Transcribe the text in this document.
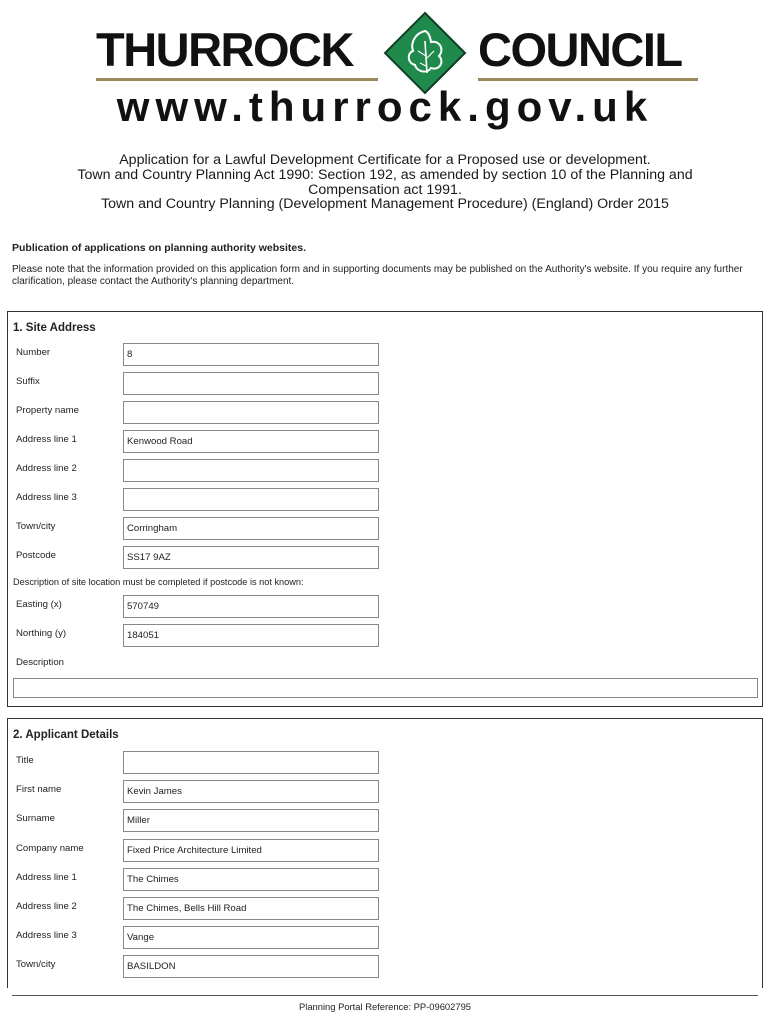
THURROCK	COUNCIL
www.thurrock.gov.uk
Application for a Lawful Development Certificate for a Proposed use or development.
Town and Country Planning Act 1990: Section 192, as amended by section 10 of the Planning and Compensation act 1991.
Town and Country Planning (Development Management Procedure) (England) Order 2015
Publication of applications on planning authority websites.
Please note that the information provided on this application form and in supporting documents may be published on the Authority's website. If you require any further clarification, please contact the Authority's planning department.
1. Site Address
Number	8
Suffix
Property name
Address line 1	Kenwood Road
Address line 2
Address line 3
Town/city	Corringham
Postcode	SS17 9AZ
Description of site location must be completed if postcode is not known:
Easting (x)	570749
Northing (y)	184051
Description
2. Applicant Details
Title
First name	Kevin James
Surname	Miller
Company name	Fixed Price Architecture Limited
Address line 1	The Chimes
Address line 2	The Chimes, Bells Hill Road
Address line 3	Vange
Town/city	BASILDON
Planning Portal Reference: PP-09602795
